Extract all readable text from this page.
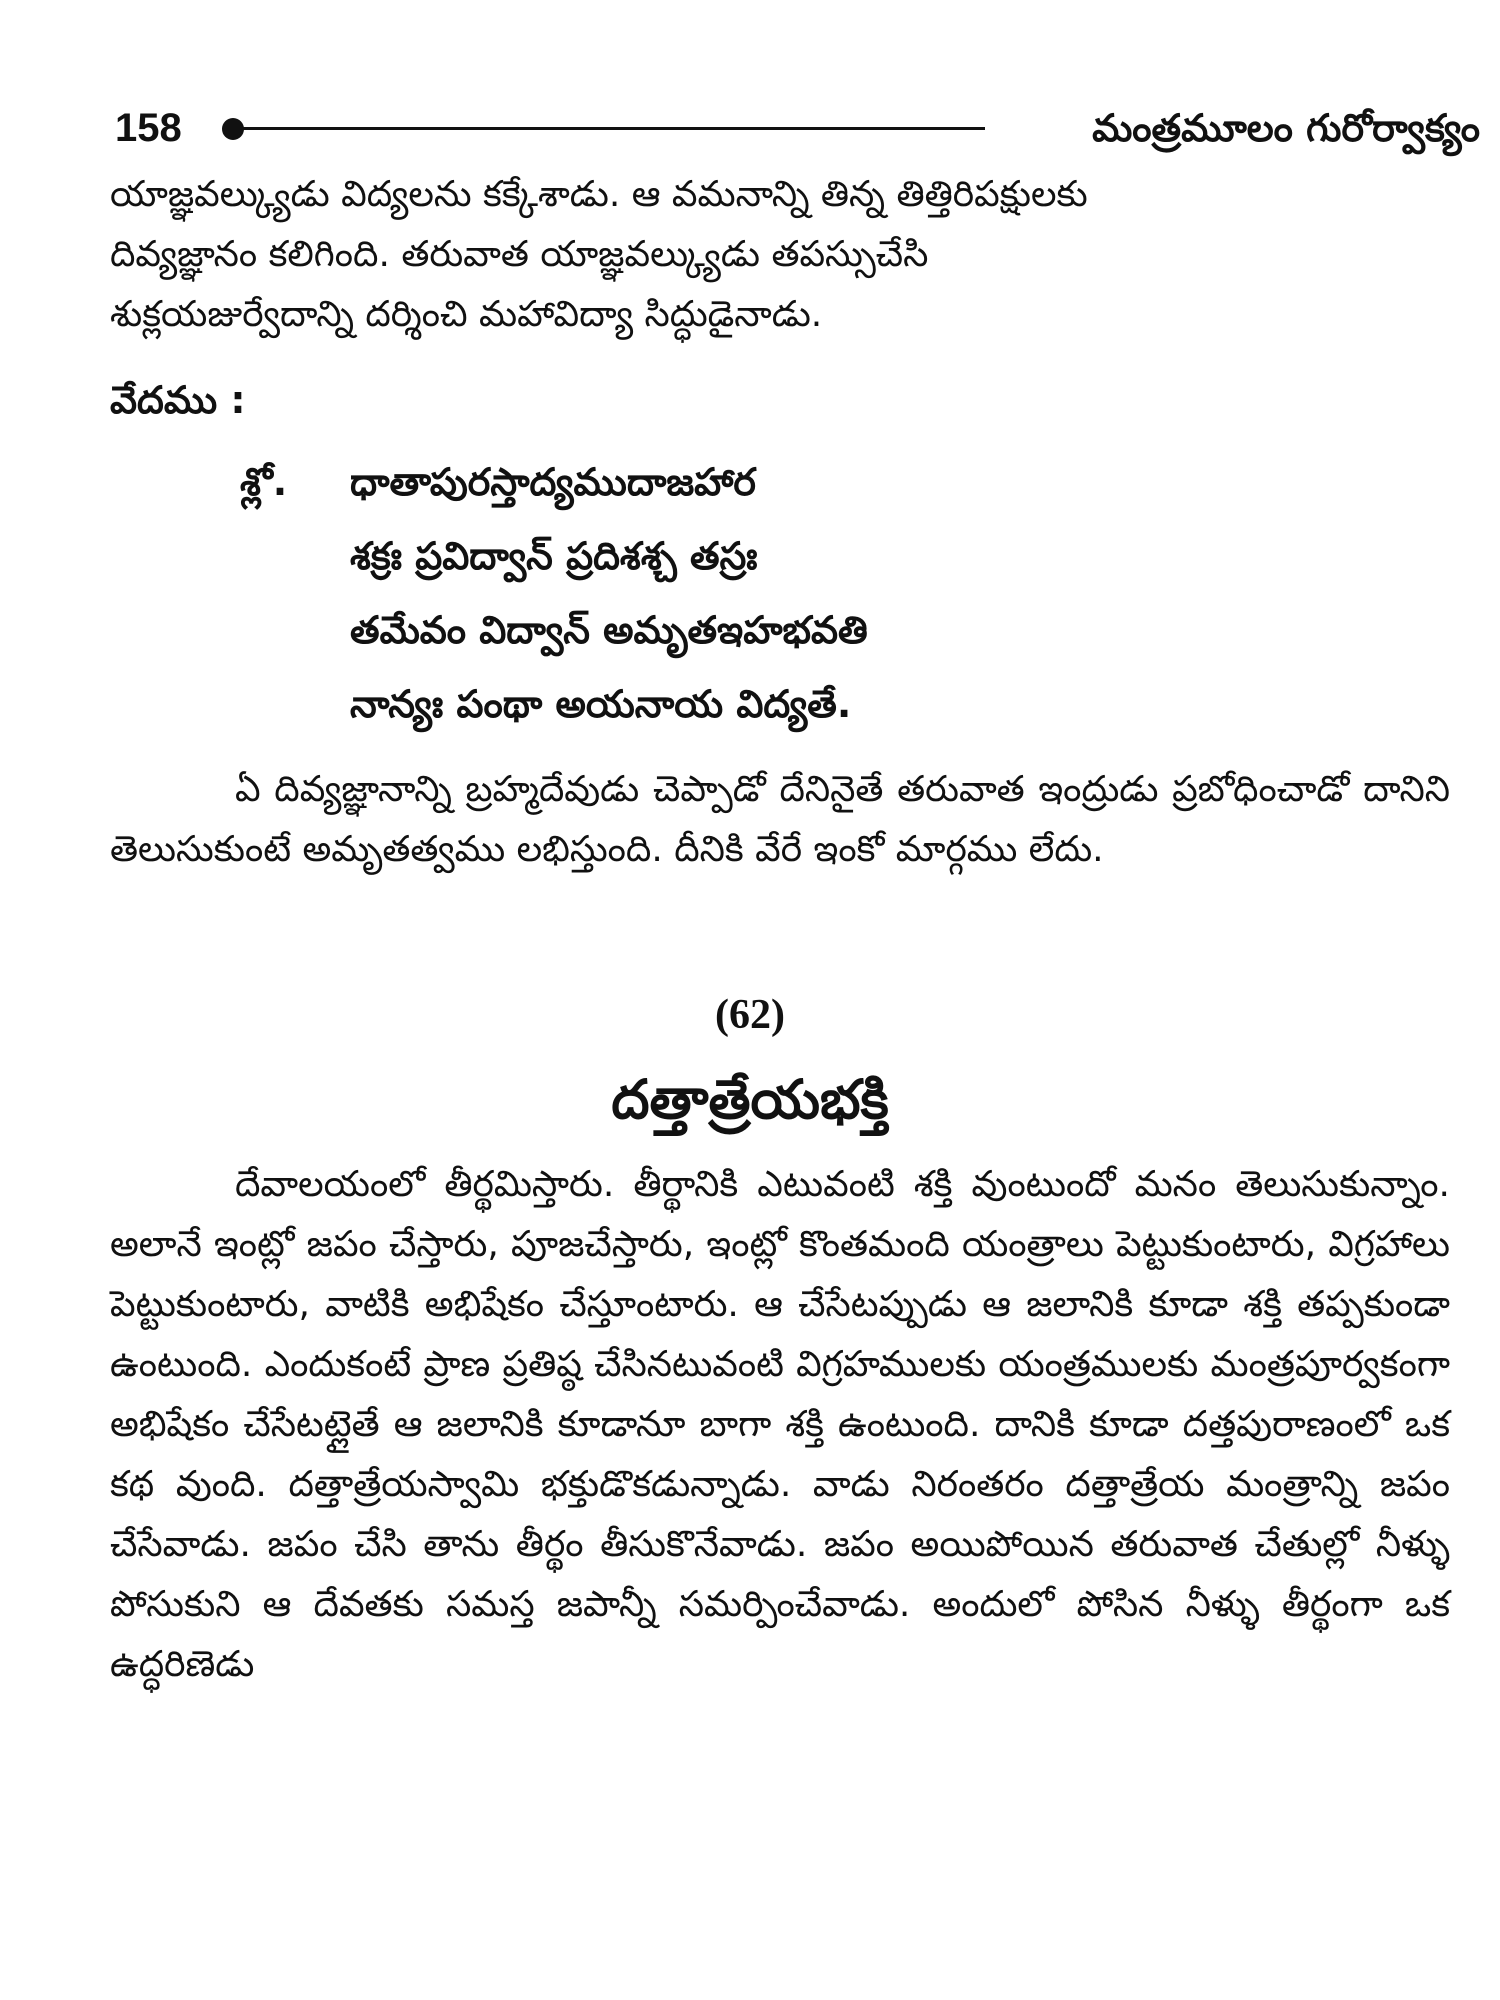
158	మంత్రమూలం గురోర్వాక్యం

యాజ్ఞవల్క్యుడు విద్యలను కక్కేశాడు. ఆ వమనాన్ని తిన్న తిత్తిరిపక్షులకు

దివ్యజ్ఞానం కలిగింది. తరువాత యాజ్ఞవల్క్యుడు తపస్సుచేసి

శుక్లయజుర్వేదాన్ని దర్శించి మహావిద్యా సిద్ధుడైనాడు.

వేదము :
శ్లో. ధాతాపురస్తాద్యముదాజహార
శక్రః ప్రవిద్వాన్ ప్రదిశశ్చ తస్రః
తమేవం విద్వాన్ అమృతఇహభవతి
నాన్యః పంథా అయనాయ విద్యతే.

ఏ దివ్యజ్ఞానాన్ని బ్రహ్మదేవుడు చెప్పాడో దేనినైతే తరువాత ఇంద్రుడు ప్రబోధించాడో దానిని తెలుసుకుంటే అమృతత్వము లభిస్తుంది. దీనికి వేరే ఇంకో మార్గము లేదు.

(62)
దత్తాత్రేయభక్తి

దేవాలయంలో తీర్థమిస్తారు. తీర్థానికి ఎటువంటి శక్తి వుంటుందో మనం తెలుసుకున్నాం. అలానే ఇంట్లో జపం చేస్తారు, పూజచేస్తారు, ఇంట్లో కొంతమంది యంత్రాలు పెట్టుకుంటారు, విగ్రహాలు పెట్టుకుంటారు, వాటికి అభిషేకం చేస్తూంటారు. ఆ చేసేటప్పుడు ఆ జలానికి కూడా శక్తి తప్పకుండా ఉంటుంది. ఎందుకంటే ప్రాణ ప్రతిష్ఠ చేసినటువంటి విగ్రహములకు యంత్రములకు మంత్రపూర్వకంగా అభిషేకం చేసేటట్లైతే ఆ జలానికి కూడానూ బాగా శక్తి ఉంటుంది. దానికి కూడా దత్తపురాణంలో ఒక కథ వుంది. దత్తాత్రేయస్వామి భక్తుడొకడున్నాడు. వాడు నిరంతరం దత్తాత్రేయ మంత్రాన్ని జపం చేసేవాడు. జపం చేసి తాను తీర్థం తీసుకొనేవాడు. జపం అయిపోయిన తరువాత చేతుల్లో నీళ్ళు పోసుకుని ఆ దేవతకు సమస్త జపాన్నీ సమర్పించేవాడు. అందులో పోసిన నీళ్ళు తీర్థంగా ఒక ఉద్ధరిణెడు
